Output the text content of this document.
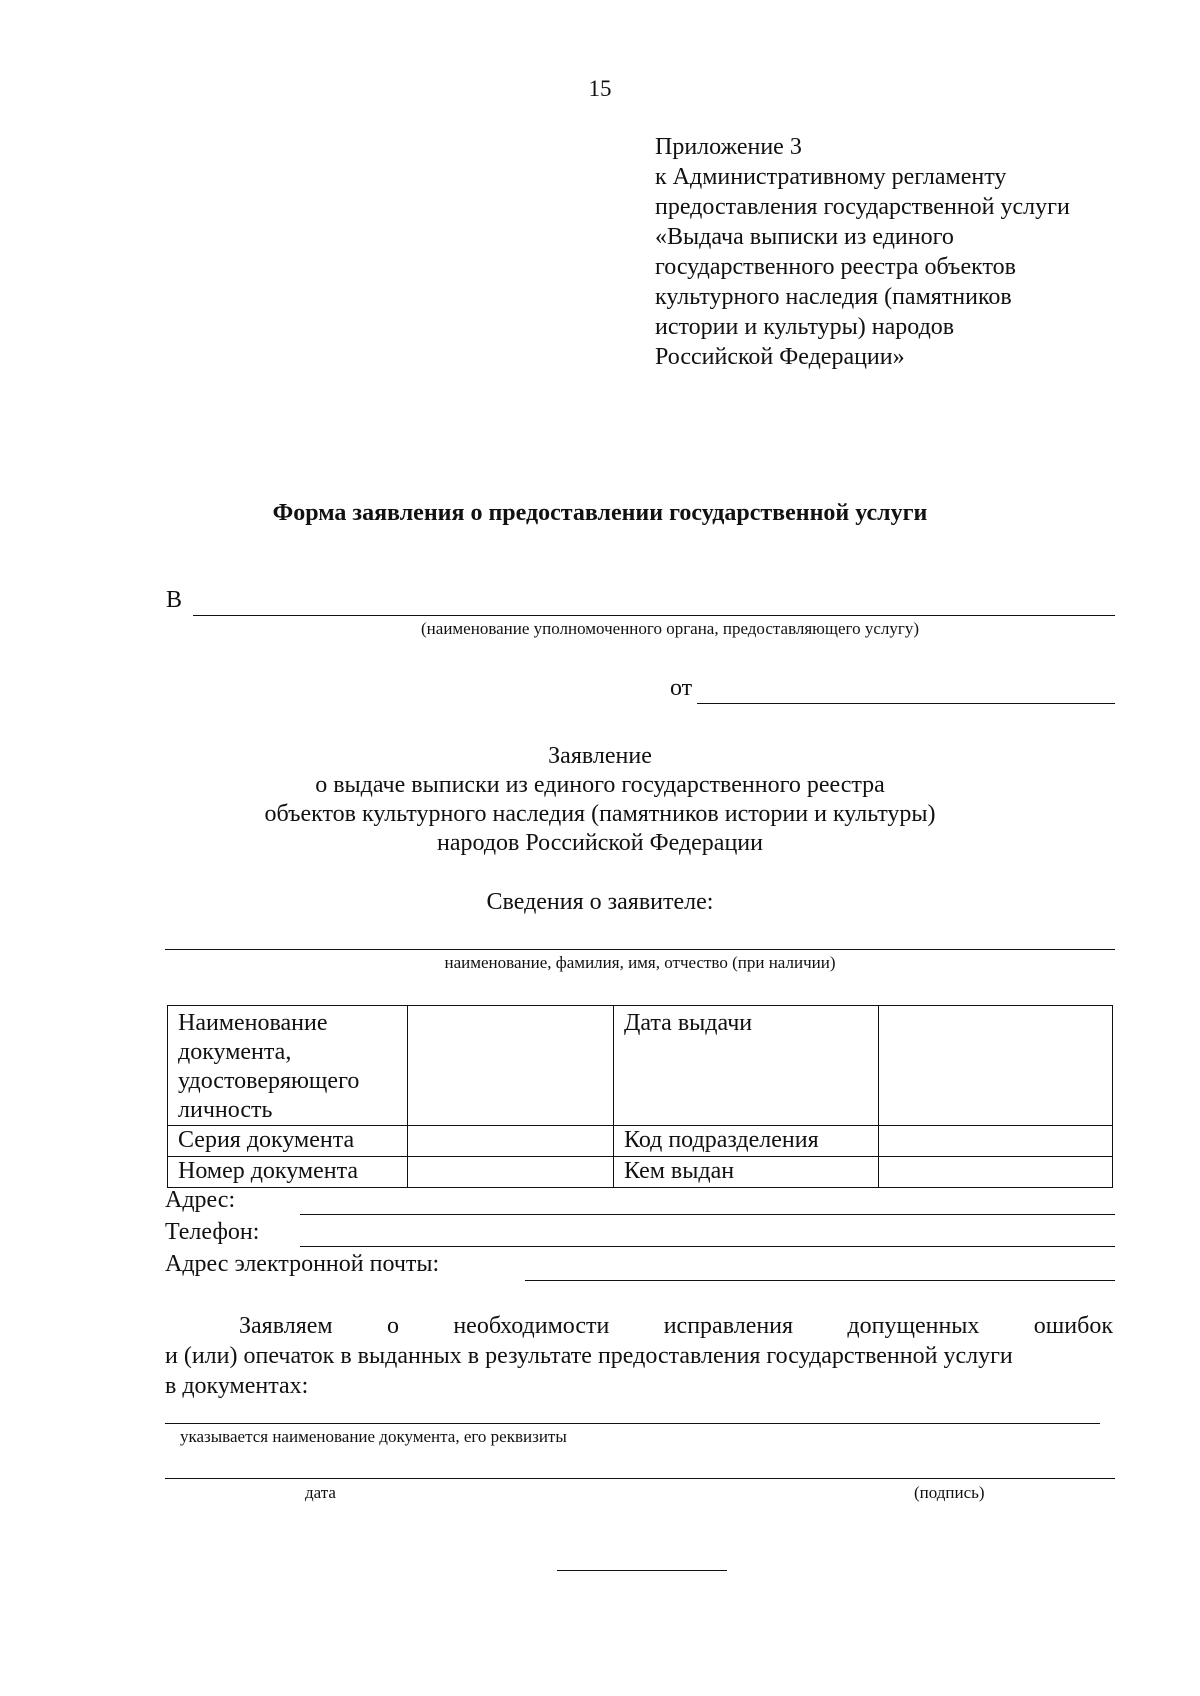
15
Приложение 3
к Административному регламенту
предоставления государственной услуги
«Выдача выписки из единого
государственного реестра объектов
культурного наследия (памятников
истории и культуры) народов
Российской Федерации»
Форма заявления о предоставлении государственной услуги
В
(наименование уполномоченного органа, предоставляющего услугу)
от
Заявление
о выдаче выписки из единого государственного реестра
объектов культурного наследия (памятников истории и культуры)
народов Российской Федерации
Сведения о заявителе:
наименование, фамилия, имя, отчество (при наличии)
Наименование документа, удостоверяющего личность		Дата выдачи	
Серия документа		Код подразделения	
Номер документа		Кем выдан	
Адрес:
Телефон:
Адрес электронной почты:
Заявляем о необходимости исправления допущенных ошибок
и (или) опечаток в выданных в результате предоставления государственной услуги
в документах:
указывается наименование документа, его реквизиты
дата	(подпись)
